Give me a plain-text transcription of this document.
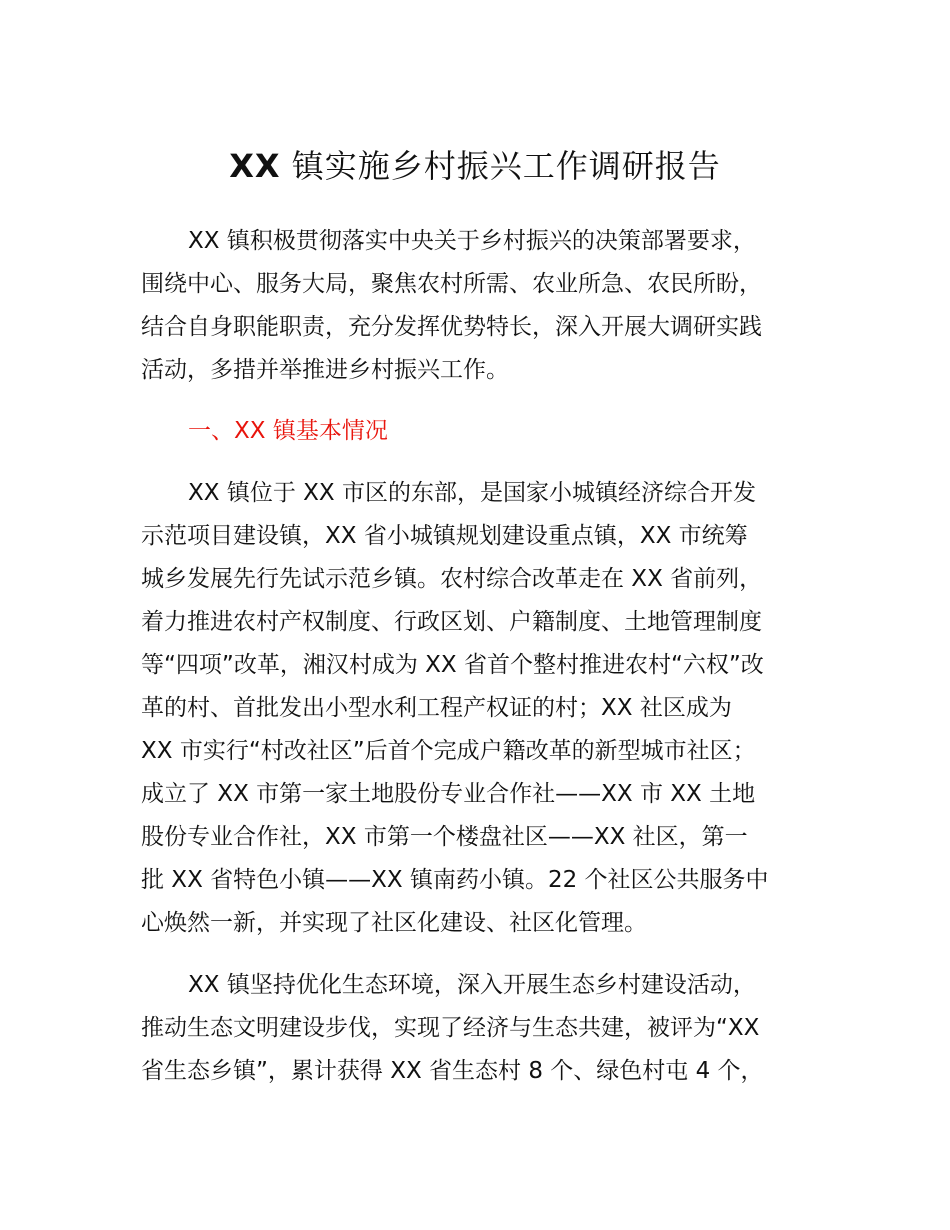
XX 镇实施乡村振兴工作调研报告

XX 镇积极贯彻落实中央关于乡村振兴的决策部署要求，

围绕中心、服务大局，聚焦农村所需、农业所急、农民所盼，

结合自身职能职责，充分发挥优势特长，深入开展大调研实践

活动，多措并举推进乡村振兴工作。

一、XX 镇基本情况

XX 镇位于 XX 市区的东部，是国家小城镇经济综合开发

示范项目建设镇，XX 省小城镇规划建设重点镇，XX 市统筹

城乡发展先行先试示范乡镇。农村综合改革走在 XX 省前列，

着力推进农村产权制度、行政区划、户籍制度、土地管理制度

等“四项”改革，湘汉村成为 XX 省首个整村推进农村“六权”改

革的村、首批发出小型水利工程产权证的村；XX 社区成为

XX 市实行“村改社区”后首个完成户籍改革的新型城市社区；

成立了 XX 市第一家土地股份专业合作社——XX 市 XX 土地

股份专业合作社，XX 市第一个楼盘社区——XX 社区，第一

批 XX 省特色小镇——XX 镇南药小镇。22 个社区公共服务中

心焕然一新，并实现了社区化建设、社区化管理。

XX 镇坚持优化生态环境，深入开展生态乡村建设活动，

推动生态文明建设步伐，实现了经济与生态共建，被评为“XX

省生态乡镇”，累计获得 XX 省生态村 8 个、绿色村屯 4 个，
